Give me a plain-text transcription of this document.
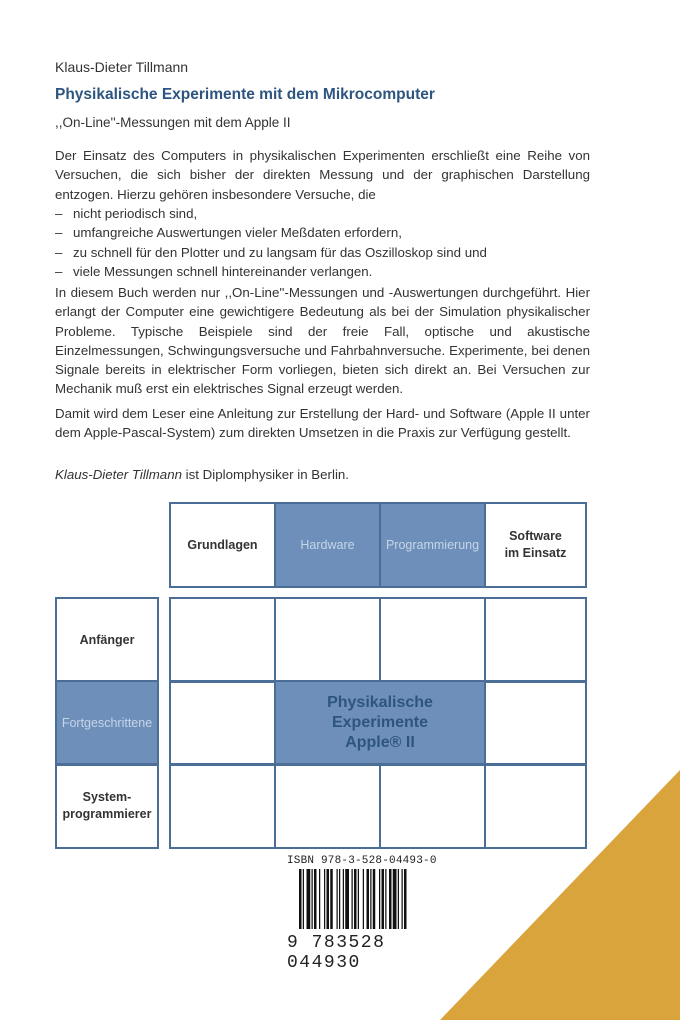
Klaus-Dieter Tillmann
Physikalische Experimente mit dem Mikrocomputer
,,On-Line''-Messungen mit dem Apple II

Der Einsatz des Computers in physikalischen Experimenten erschließt eine Reihe von Versuchen, die sich bisher der direkten Messung und der graphischen Darstellung entzogen. Hierzu gehören insbesondere Versuche, die

– nicht periodisch sind,
– umfangreiche Auswertungen vieler Meßdaten erfordern,
– zu schnell für den Plotter und zu langsam für das Oszilloskop sind und
– viele Messungen schnell hintereinander verlangen.

In diesem Buch werden nur ,,On-Line''-Messungen und -Auswertungen durchgeführt. Hier erlangt der Computer eine gewichtigere Bedeutung als bei der Simulation physikalischer Probleme. Typische Beispiele sind der freie Fall, optische und akustische Einzelmessungen, Schwingungsversuche und Fahrbahnversuche. Experimente, bei denen Signale bereits in elektrischer Form vorliegen, bieten sich direkt an. Bei Versuchen zur Mechanik muß erst ein elektrisches Signal erzeugt werden.

Damit wird dem Leser eine Anleitung zur Erstellung der Hard- und Software (Apple II unter dem Apple-Pascal-System) zum direkten Umsetzen in die Praxis zur Verfügung gestellt.

Klaus-Dieter Tillmann ist Diplomphysiker in Berlin.
Grundlagen	Hardware	Programmierung
Software
im Einsatz
Anfänger
Fortgeschrittene
System-
programmierer
Physikalische
Experimente
Apple® II
ISBN 978-3-528-04493-0
9 783528 044930
